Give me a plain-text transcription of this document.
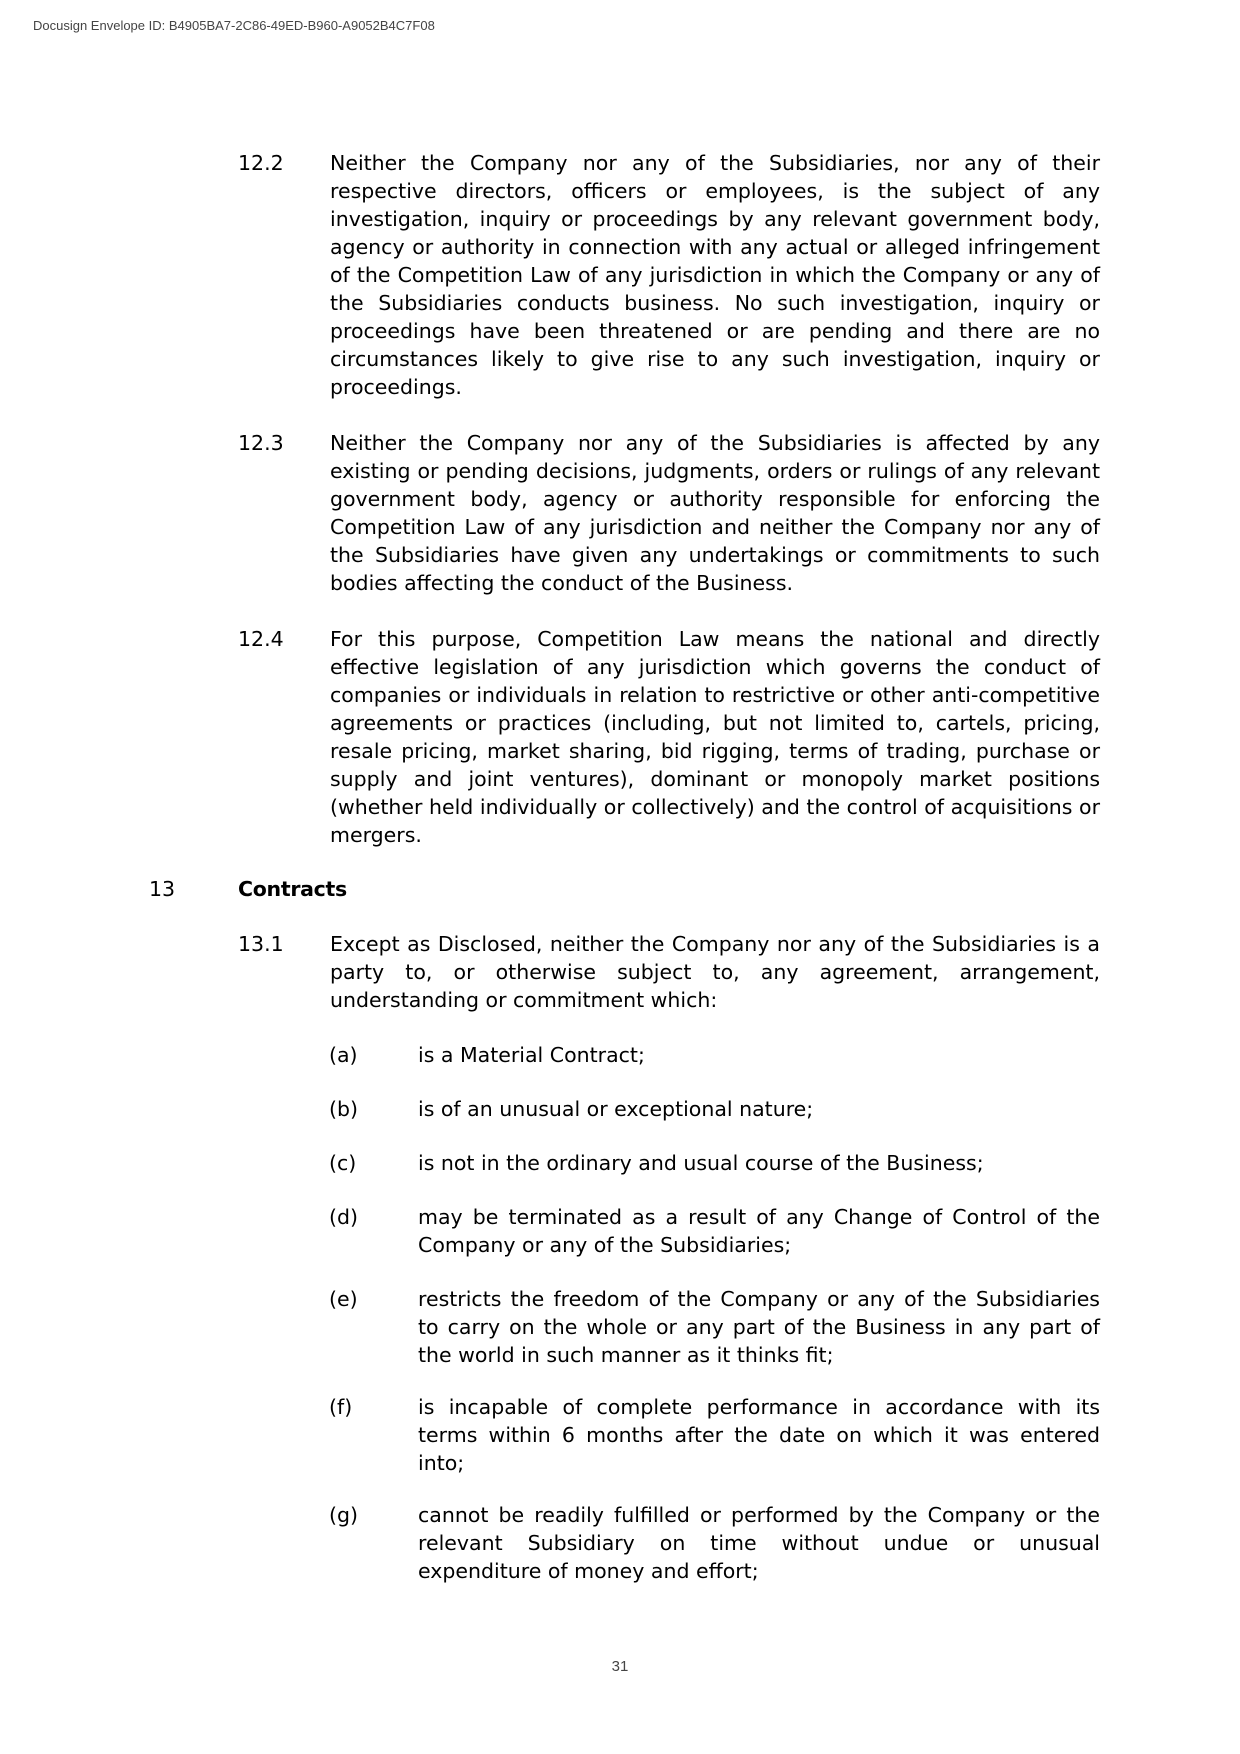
Docusign Envelope ID: B4905BA7-2C86-49ED-B960-A9052B4C7F08
12.2 Neither the Company nor any of the Subsidiaries, nor any of their respective directors, officers or employees, is the subject of any investigation, inquiry or proceedings by any relevant government body, agency or authority in connection with any actual or alleged infringement of the Competition Law of any jurisdiction in which the Company or any of the Subsidiaries conducts business. No such investigation, inquiry or proceedings have been threatened or are pending and there are no circumstances likely to give rise to any such investigation, inquiry or proceedings.
12.3 Neither the Company nor any of the Subsidiaries is affected by any existing or pending decisions, judgments, orders or rulings of any relevant government body, agency or authority responsible for enforcing the Competition Law of any jurisdiction and neither the Company nor any of the Subsidiaries have given any undertakings or commitments to such bodies affecting the conduct of the Business.
12.4 For this purpose, Competition Law means the national and directly effective legislation of any jurisdiction which governs the conduct of companies or individuals in relation to restrictive or other anti-competitive agreements or practices (including, but not limited to, cartels, pricing, resale pricing, market sharing, bid rigging, terms of trading, purchase or supply and joint ventures), dominant or monopoly market positions (whether held individually or collectively) and the control of acquisitions or mergers.
13	Contracts
13.1 Except as Disclosed, neither the Company nor any of the Subsidiaries is a party to, or otherwise subject to, any agreement, arrangement, understanding or commitment which:
(a)	is a Material Contract;
(b)	is of an unusual or exceptional nature;
(c)	is not in the ordinary and usual course of the Business;
(d)	may be terminated as a result of any Change of Control of the Company or any of the Subsidiaries;
(e)	restricts the freedom of the Company or any of the Subsidiaries to carry on the whole or any part of the Business in any part of the world in such manner as it thinks fit;
(f)	is incapable of complete performance in accordance with its terms within 6 months after the date on which it was entered into;
(g)	cannot be readily fulfilled or performed by the Company or the relevant Subsidiary on time without undue or unusual expenditure of money and effort;
31
